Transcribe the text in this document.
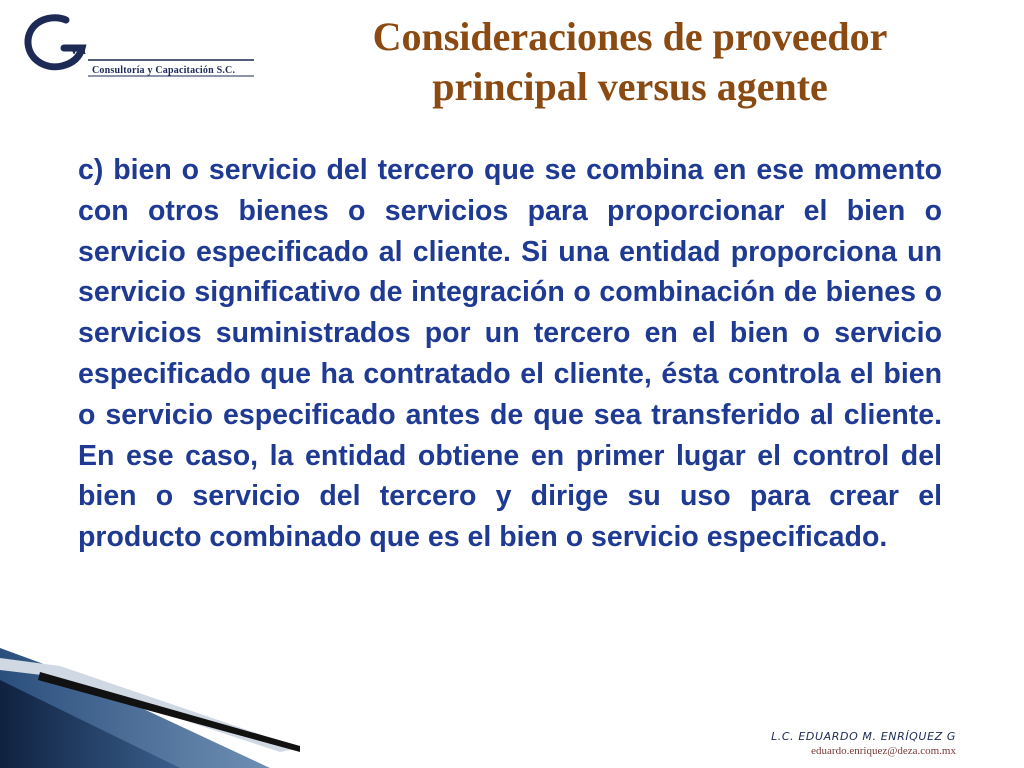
va
Consultoría y Capacitación S.C.
Consideraciones de proveedor
principal versus agente

c) bien o servicio del tercero que se combina en ese momento con otros bienes o servicios para proporcionar el bien o servicio especificado al cliente. Si una entidad proporciona un servicio significativo de integración o combinación de bienes o servicios suministrados por un tercero en el bien o servicio especificado que ha contratado el cliente, ésta controla el bien o servicio especificado antes de que sea transferido al cliente. En ese caso, la entidad obtiene en primer lugar el control del bien o servicio del tercero y dirige su uso para crear el producto combinado que es el bien o servicio especificado.

L.C. EDUARDO M. ENRÍQUEZ G
eduardo.enriquez@deza.com.mx
